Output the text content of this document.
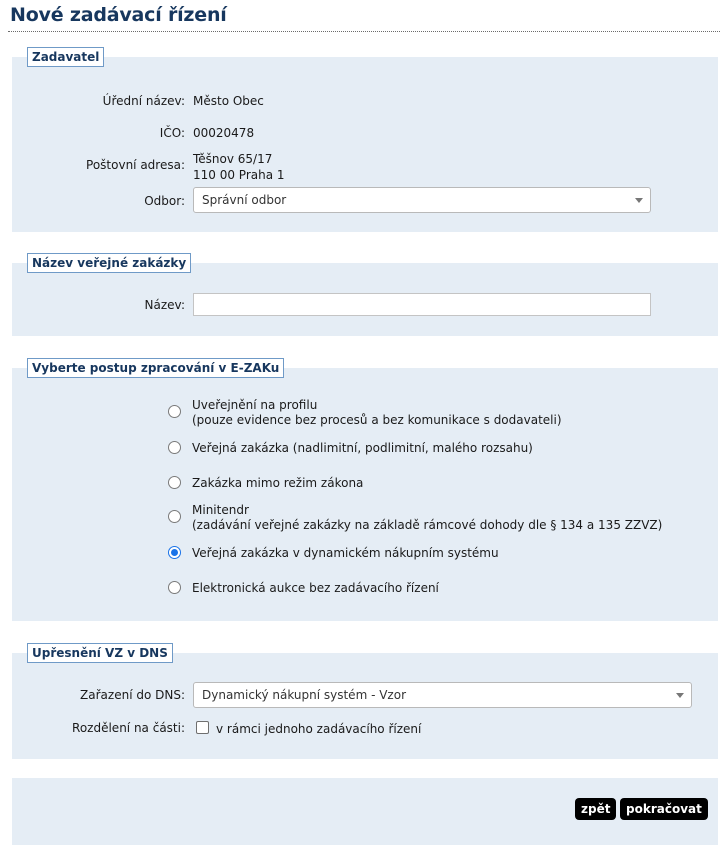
Nové zadávací řízení
Zadavatel
Úřední název: Město Obec
IČO: 00020478
Poštovní adresa: Těšnov 65/17
110 00 Praha 1
Odbor:	Správní odbor
Název veřejné zakázky
Název:
Vyberte postup zpracování v E-ZAKu
Uveřejnění na profilu
(pouze evidence bez procesů a bez komunikace s dodavateli)
Veřejná zakázka (nadlimitní, podlimitní, malého rozsahu)
Zakázka mimo režim zákona
Minitendr
(zadávání veřejné zakázky na základě rámcové dohody dle § 134 a 135 ZZVZ)
Veřejná zakázka v dynamickém nákupním systému
Elektronická aukce bez zadávacího řízení
Upřesnění VZ v DNS
Zařazení do DNS:	Dynamický nákupní systém - Vzor
Rozdělení na části:	v rámci jednoho zadávacího řízení
zpět	pokračovat
